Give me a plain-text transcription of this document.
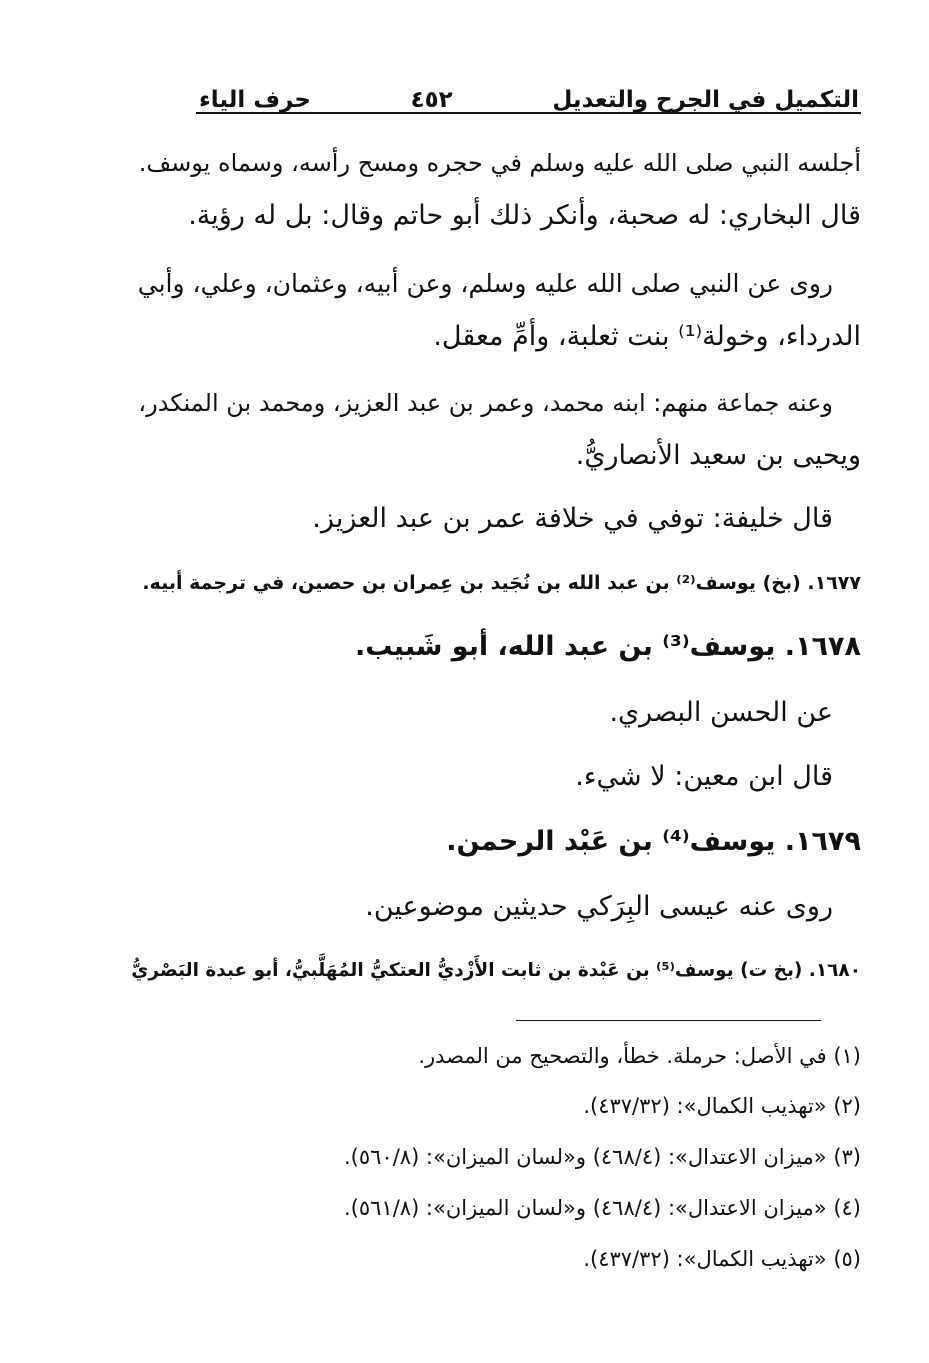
التكميل في الجرح والتعديل
٤٥٢
حرف الياء
أجلسه النبي صلى الله عليه وسلم في حجره ومسح رأسه، وسماه يوسف.
قال البخاري: له صحبة، وأنكر ذلك أبو حاتم وقال: بل له رؤية.
روى عن النبي صلى الله عليه وسلم، وعن أبيه، وعثمان، وعلي، وأبي
الدرداء، وخولة⁽¹⁾ بنت ثعلبة، وأمِّ معقل.
وعنه جماعة منهم: ابنه محمد، وعمر بن عبد العزيز، ومحمد بن المنكدر،
ويحيى بن سعيد الأنصاريُّ.
قال خليفة: توفي في خلافة عمر بن عبد العزيز.
١٦٧٧. (بخ) يوسف⁽²⁾ بن عبد الله بن نُجَيد بن عِمران بن حصين، في ترجمة أبيه.
١٦٧٨. يوسف⁽³⁾ بن عبد الله، أبو شَبيب.
عن الحسن البصري.
قال ابن معين: لا شيء.
١٦٧٩. يوسف⁽⁴⁾ بن عَبْد الرحمن.
روى عنه عيسى البِرَكي حديثين موضوعين.
١٦٨٠. (بخ ت) يوسف⁽⁵⁾ بن عَبْدة بن ثابت الأَزْديُّ العتكيُّ المُهَلَّبيُّ، أبو عبدة البَصْريُّ
(١) في الأصل: حرملة. خطأ، والتصحيح من المصدر.
(٢) «تهذيب الكمال»: (٤٣٧/٣٢).
(٣) «ميزان الاعتدال»: (٤٦٨/٤) و«لسان الميزان»: (٥٦٠/٨).
(٤) «ميزان الاعتدال»: (٤٦٨/٤) و«لسان الميزان»: (٥٦١/٨).
(٥) «تهذيب الكمال»: (٤٣٧/٣٢).
